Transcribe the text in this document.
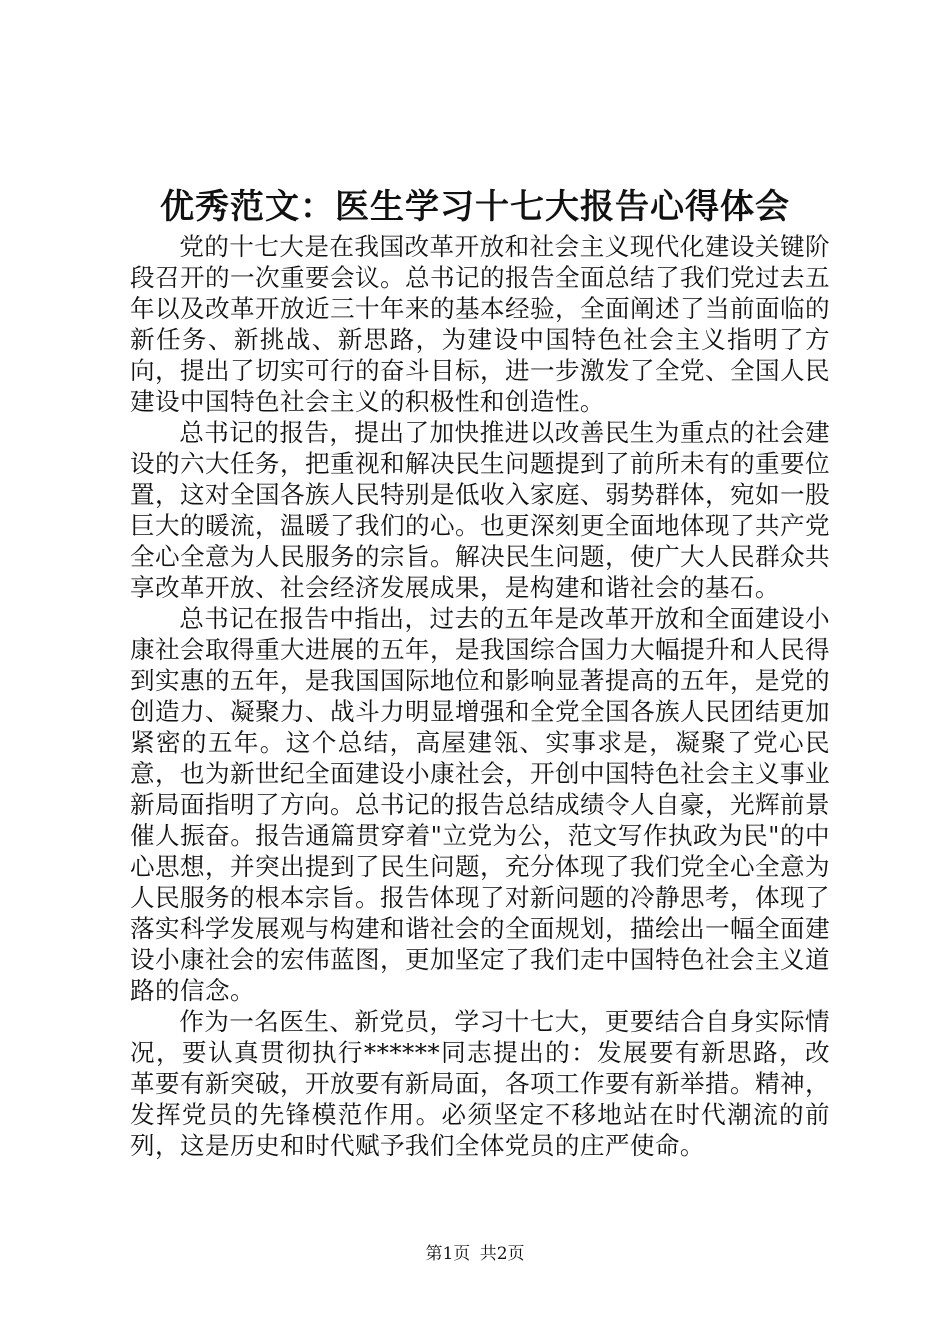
优秀范文：医生学习十七大报告心得体会

党的十七大是在我国改革开放和社会主义现代化建设关键阶段召开的一次重要会议。总书记的报告全面总结了我们党过去五年以及改革开放近三十年来的基本经验，全面阐述了当前面临的新任务、新挑战、新思路，为建设中国特色社会主义指明了方向，提出了切实可行的奋斗目标，进一步激发了全党、全国人民建设中国特色社会主义的积极性和创造性。

总书记的报告，提出了加快推进以改善民生为重点的社会建设的六大任务，把重视和解决民生问题提到了前所未有的重要位置，这对全国各族人民特别是低收入家庭、弱势群体，宛如一股巨大的暖流，温暖了我们的心。也更深刻更全面地体现了共产党全心全意为人民服务的宗旨。解决民生问题，使广大人民群众共享改革开放、社会经济发展成果，是构建和谐社会的基石。

总书记在报告中指出，过去的五年是改革开放和全面建设小康社会取得重大进展的五年，是我国综合国力大幅提升和人民得到实惠的五年，是我国国际地位和影响显著提高的五年，是党的创造力、凝聚力、战斗力明显增强和全党全国各族人民团结更加紧密的五年。这个总结，高屋建瓴、实事求是，凝聚了党心民意，也为新世纪全面建设小康社会，开创中国特色社会主义事业新局面指明了方向。总书记的报告总结成绩令人自豪，光辉前景催人振奋。报告通篇贯穿着"立党为公，范文写作执政为民"的中心思想，并突出提到了民生问题，充分体现了我们党全心全意为人民服务的根本宗旨。报告体现了对新问题的冷静思考，体现了落实科学发展观与构建和谐社会的全面规划，描绘出一幅全面建设小康社会的宏伟蓝图，更加坚定了我们走中国特色社会主义道路的信念。

作为一名医生、新党员，学习十七大，更要结合自身实际情况，要认真贯彻执行******同志提出的：发展要有新思路，改革要有新突破，开放要有新局面，各项工作要有新举措。精神，发挥党员的先锋模范作用。必须坚定不移地站在时代潮流的前列，这是历史和时代赋予我们全体党员的庄严使命。

第1页 共2页
